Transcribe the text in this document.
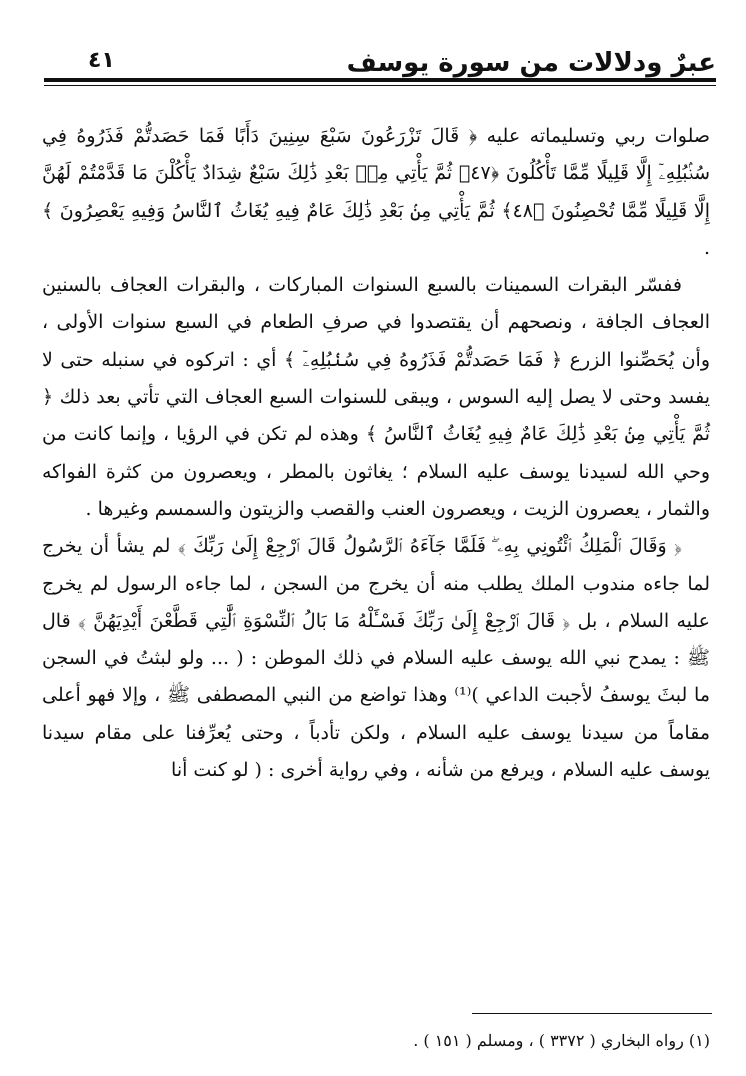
عبرٌ ودلالات من سورة يوسف
٤١

صلوات ربي وتسليماته عليه ﴿ قَالَ تَزْرَعُونَ سَبْعَ سِنِينَ دَأَبًا فَمَا حَصَدتُّمْ فَذَرُوهُ فِي سُنۢبُلِهِۦٓ إِلَّا قَلِيلًا مِّمَّا تَأْكُلُونَ ﴿٤٧﴾ ثُمَّ يَأْتِي مِنۢ بَعْدِ ذَٰلِكَ سَبْعٌ شِدَادٌ يَأْكُلْنَ مَا قَدَّمْتُمْ لَهُنَّ إِلَّا قَلِيلًا مِّمَّا تُحْصِنُونَ ﴿٤٨﴾ ثُمَّ يَأْتِي مِنۢ بَعْدِ ذَٰلِكَ عَامٌ فِيهِ يُغَاثُ ٱلنَّاسُ وَفِيهِ يَعْصِرُونَ ﴾ .

ففسّر البقرات السمينات بالسبع السنوات المباركات ، والبقرات العجاف بالسنين العجاف الجافة ، ونصحهم أن يقتصدوا في صرفِ الطعام في السبع سنوات الأولى ، وأن يُحَصِّنوا الزرع ﴿ فَمَا حَصَدتُّمْ فَذَرُوهُ فِي سُنۢبُلِهِۦٓ ﴾ أي : اتركوه في سنبله حتى لا يفسد وحتى لا يصل إليه السوس ، ويبقى للسنوات السبع العجاف التي تأتي بعد ذلك ﴿ ثُمَّ يَأْتِي مِنۢ بَعْدِ ذَٰلِكَ عَامٌ فِيهِ يُغَاثُ ٱلنَّاسُ ﴾ وهذه لم تكن في الرؤيا ، وإنما كانت من وحي الله لسيدنا يوسف عليه السلام ؛ يغاثون بالمطر ، ويعصرون من كثرة الفواكه والثمار ، يعصرون الزيت ، ويعصرون العنب والقصب والزيتون والسمسم وغيرها .

﴿ وَقَالَ ٱلْمَلِكُ ٱئْتُونِي بِهِۦ ۖ فَلَمَّا جَآءَهُ ٱلرَّسُولُ قَالَ ٱرْجِعْ إِلَىٰ رَبِّكَ ﴾ لم يشأ أن يخرج لما جاءه مندوب الملك يطلب منه أن يخرج من السجن ، لما جاءه الرسول لم يخرج عليه السلام ، بل ﴿ قَالَ ٱرْجِعْ إِلَىٰ رَبِّكَ فَسْـَٔلْهُ مَا بَالُ ٱلنِّسْوَةِ ٱلَّٰتِي قَطَّعْنَ أَيْدِيَهُنَّ ﴾ قال ﷺ : يمدح نبي الله يوسف عليه السلام في ذلك الموطن : ( ... ولو لبثتُ في السجن ما لبثَ يوسفُ لأجبت الداعي )⁽¹⁾ وهذا تواضع من النبي المصطفى ﷺ ، وإلا فهو أعلى مقاماً من سيدنا يوسف عليه السلام ، ولكن تأدباً ، وحتى يُعرِّفنا على مقام سيدنا يوسف عليه السلام ، ويرفع من شأنه ، وفي رواية أخرى : ( لو كنت أنا

(١) رواه البخاري ( ٣٣٧٢ ) ، ومسلم ( ١٥١ ) .
